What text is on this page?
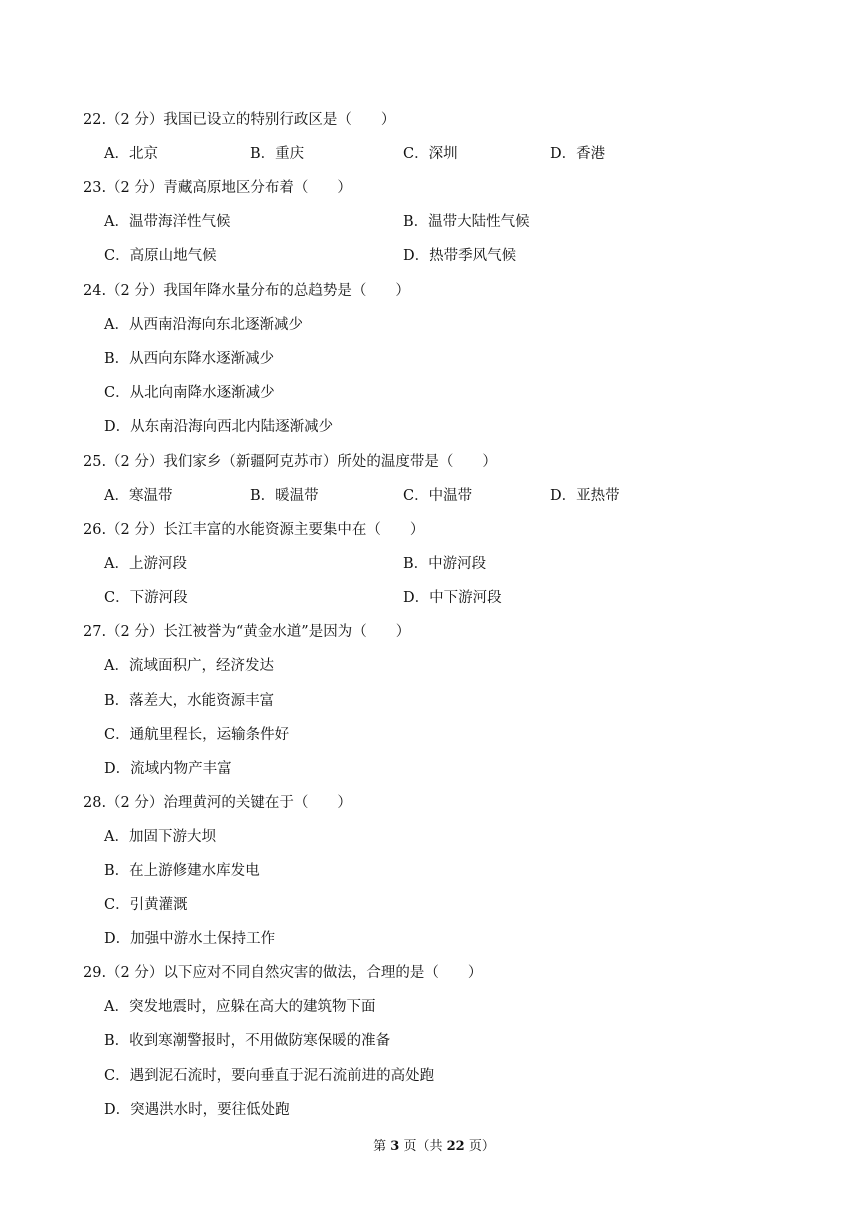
22.（2 分）我国已设立的特别行政区是（　　）
A．北京	B．重庆	C．深圳	D．香港
23.（2 分）青藏高原地区分布着（　　）
A．温带海洋性气候	B．温带大陆性气候
C．高原山地气候	D．热带季风气候
24.（2 分）我国年降水量分布的总趋势是（　　）
A．从西南沿海向东北逐渐减少
B．从西向东降水逐渐减少
C．从北向南降水逐渐减少
D．从东南沿海向西北内陆逐渐减少
25.（2 分）我们家乡（新疆阿克苏市）所处的温度带是（　　）
A．寒温带	B．暖温带	C．中温带	D．亚热带
26.（2 分）长江丰富的水能资源主要集中在（　　）
A．上游河段	B．中游河段
C．下游河段	D．中下游河段
27.（2 分）长江被誉为“黄金水道”是因为（　　）
A．流域面积广，经济发达
B．落差大，水能资源丰富
C．通航里程长，运输条件好
D．流域内物产丰富
28.（2 分）治理黄河的关键在于（　　）
A．加固下游大坝
B．在上游修建水库发电
C．引黄灌溉
D．加强中游水土保持工作
29.（2 分）以下应对不同自然灾害的做法，合理的是（　　）
A．突发地震时，应躲在高大的建筑物下面
B．收到寒潮警报时，不用做防寒保暖的准备
C．遇到泥石流时，要向垂直于泥石流前进的高处跑
D．突遇洪水时，要往低处跑
第 3 页（共 22 页）
